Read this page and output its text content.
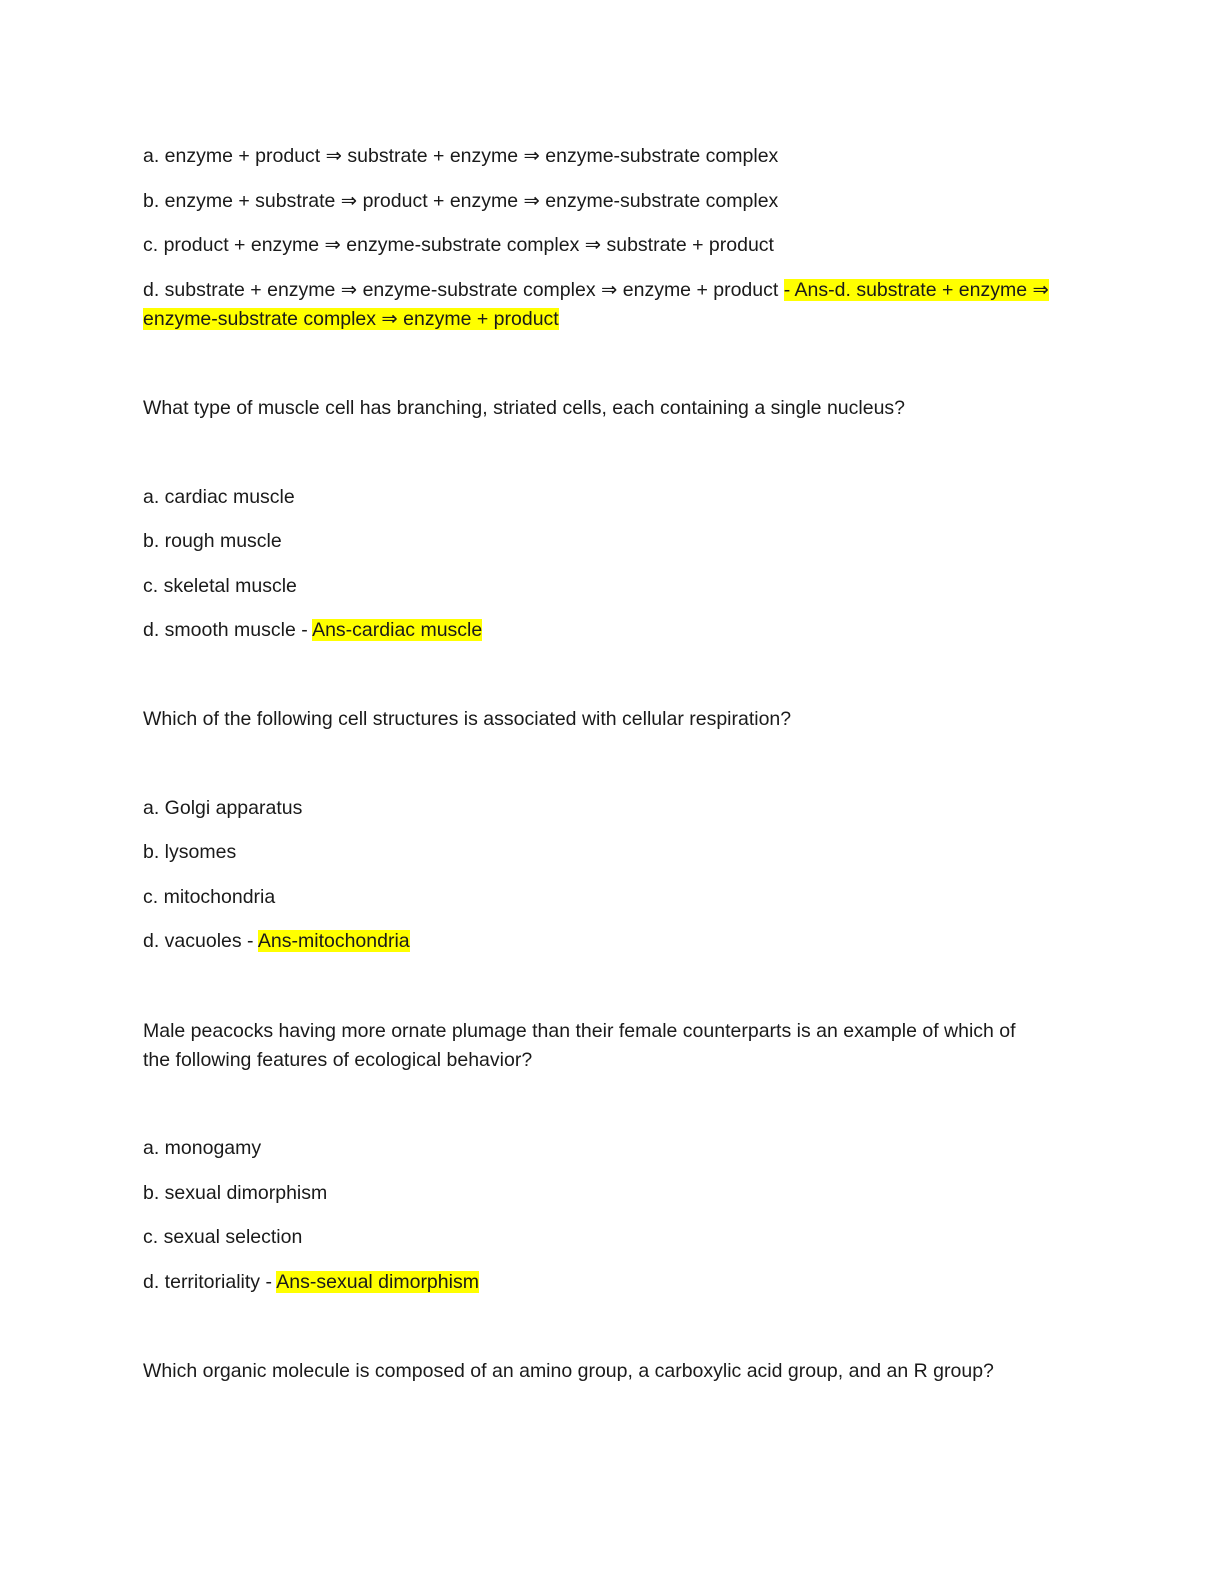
a. enzyme + product ⇒ substrate + enzyme ⇒ enzyme-substrate complex

b. enzyme + substrate ⇒ product + enzyme ⇒ enzyme-substrate complex

c. product + enzyme ⇒ enzyme-substrate complex ⇒ substrate + product

d. substrate + enzyme ⇒ enzyme-substrate complex ⇒ enzyme + product - Ans-d. substrate + enzyme ⇒

enzyme-substrate complex ⇒ enzyme + product

What type of muscle cell has branching, striated cells, each containing a single nucleus?

a. cardiac muscle

b. rough muscle

c. skeletal muscle

d. smooth muscle - Ans-cardiac muscle

Which of the following cell structures is associated with cellular respiration?

a. Golgi apparatus

b. lysomes

c. mitochondria

d. vacuoles - Ans-mitochondria

Male peacocks having more ornate plumage than their female counterparts is an example of which of

the following features of ecological behavior?

a. monogamy

b. sexual dimorphism

c. sexual selection

d. territoriality - Ans-sexual dimorphism

Which organic molecule is composed of an amino group, a carboxylic acid group, and an R group?
